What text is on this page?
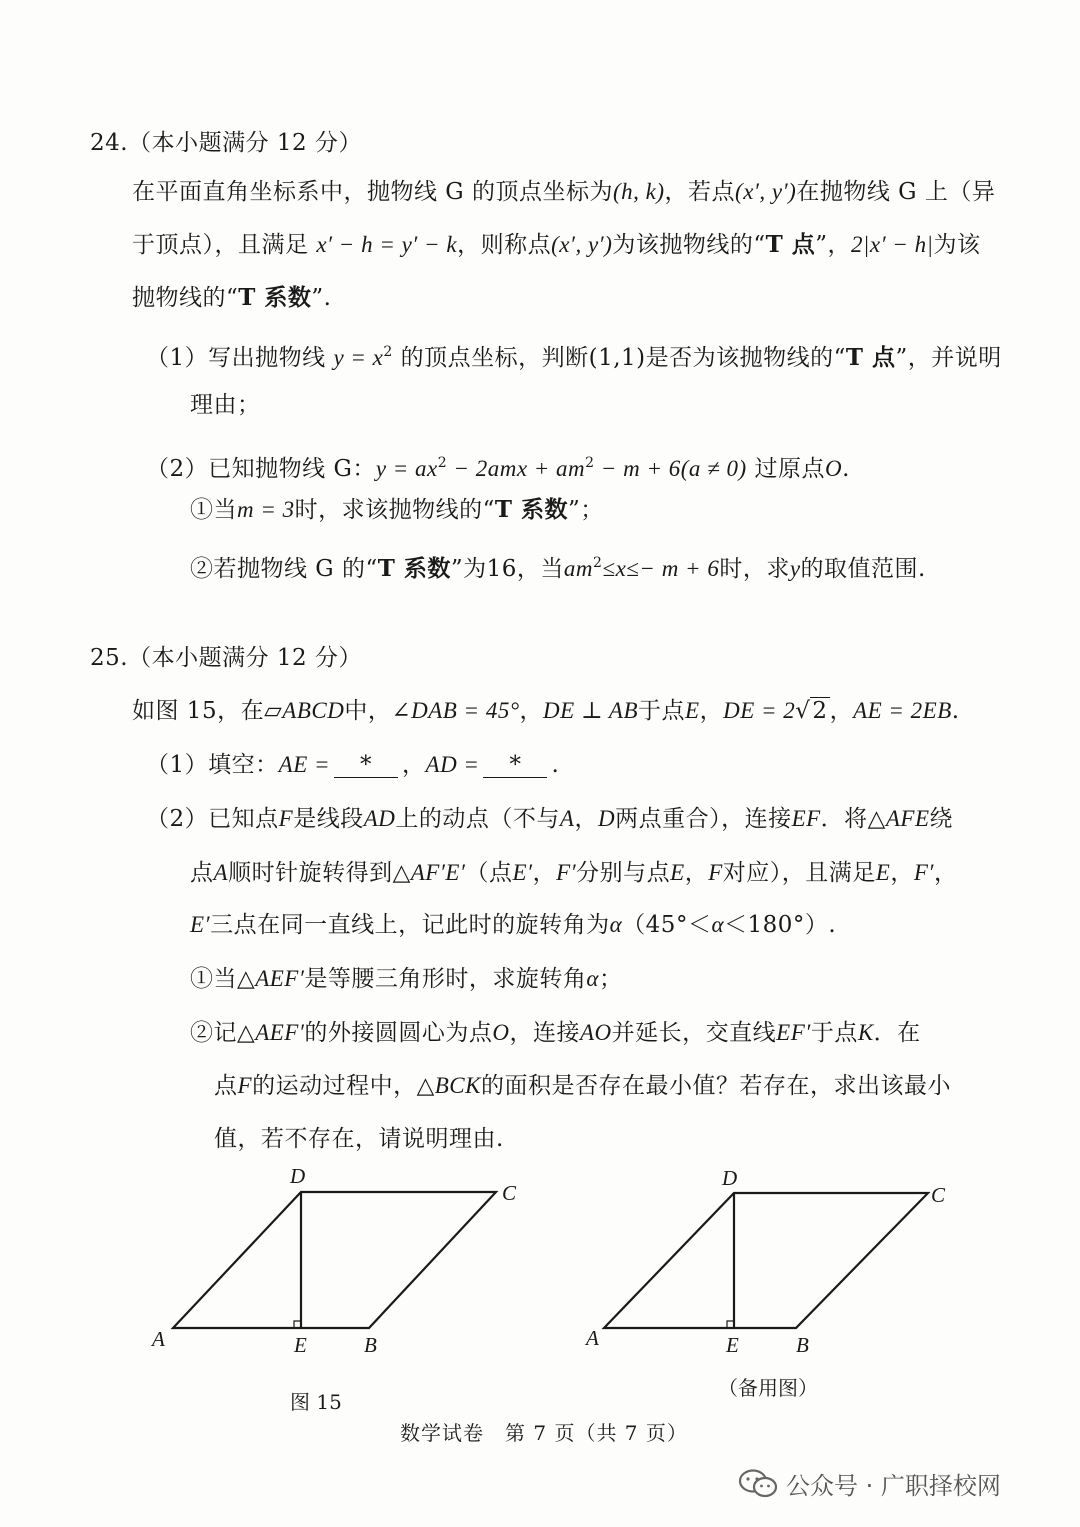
24.（本小题满分 12 分）
在平面直角坐标系中，抛物线 G 的顶点坐标为(h, k)，若点(x′, y′)在抛物线 G 上（异
于顶点），且满足 x′ − h = y′ − k，则称点(x′, y′)为该抛物线的“T 点”，2|x′ − h|为该
抛物线的“T 系数”.
（1）写出抛物线 $y = x^2$ 的顶点坐标，判断(1,1)是否为该抛物线的“T 点”，并说明
理由；
（2）已知抛物线 G：$y = ax^2 - 2amx + am^2 - m + 6(a \ne 0)$ 过原点O.
①当m = 3时，求该抛物线的“T 系数”；
②若抛物线 G 的“T 系数”为16，当$am^2\le x\le- m + 6$时，求y的取值范围.
25.（本小题满分 12 分）
如图 15，在▱ABCD中，∠DAB = 45°，DE ⊥ AB于点E，DE = 2√2，AE = 2EB.
（1）填空：AE = * ，AD = * .
（2）已知点F是线段AD上的动点（不与A，D两点重合），连接EF．将△AFE绕
点A顺时针旋转得到△AF′E′（点E′，F′分别与点E，F对应），且满足E，F′，
E′三点在同一直线上，记此时的旋转角为α（45°＜α＜180°）.
①当△AEF′是等腰三角形时，求旋转角α；
②记△AEF′的外接圆圆心为点O，连接AO并延长，交直线EF′于点K．在
点F的运动过程中，△BCK的面积是否存在最小值？若存在，求出该最小
值，若不存在，请说明理由.
D
C
A	E	B
图 15
D
C
A	E	B
（备用图）
数学试卷　第 7 页（共 7 页）
公众号 · 广职择校网
